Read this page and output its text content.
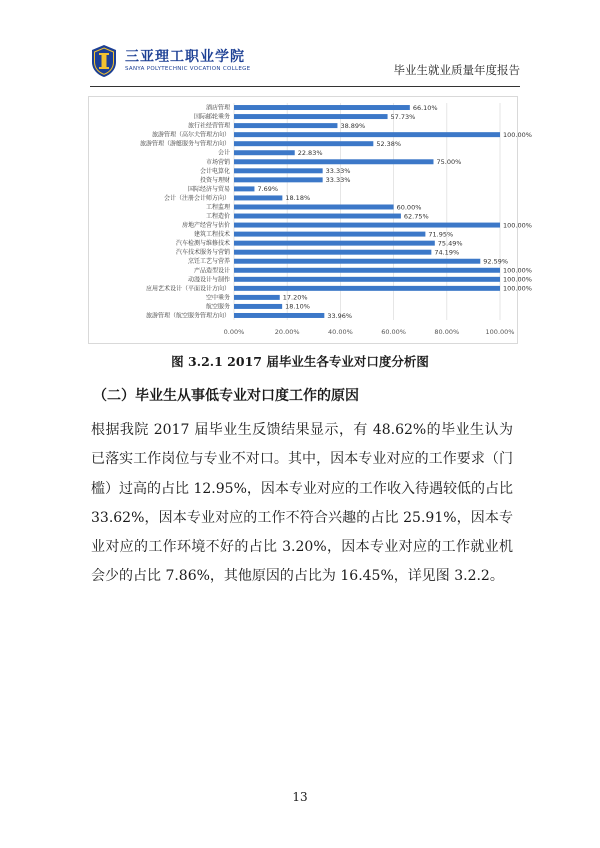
三亚理工职业学院
SANYA POLYTECHNIC VOCATION COLLEGE	毕业生就业质量年度报告
0.00%	20.00%	40.00%	60.00%	80.00%	100.00%
酒店管理	66.10%
国际邮轮乘务	57.73%
旅行社经营管理	38.89%
旅游管理（高尔夫管理方向）	100.00%
旅游管理（游艇服务与管理方向）	52.38%
会计	22.83%
市场营销	75.00%
会计电算化	33.33%
投资与理财	33.33%
国际经济与贸易	7.69%
会计（注册会计师方向）	18.18%
工程监理	60.00%
工程造价	62.75%
房地产经营与估价	100.00%
建筑工程技术	71.95%
汽车检测与维修技术	75.49%
汽车技术服务与营销	74.19%
烹饪工艺与营养	92.59%
产品造型设计	100.00%
动漫设计与制作	100.00%
应用艺术设计（平面设计方向）	100.00%
空中乘务	17.20%
航空服务	18.10%
旅游管理（航空服务管理方向）	33.96%
图 3.2.1 2017 届毕业生各专业对口度分析图
（二）毕业生从事低专业对口度工作的原因

根据我院 2017 届毕业生反馈结果显示，有 48.62%的毕业生认为已落实工作岗位与专业不对口。其中，因本专业对应的工作要求（门槛）过高的占比 12.95%，因本专业对应的工作收入待遇较低的占比 33.62%，因本专业对应的工作不符合兴趣的占比 25.91%，因本专业对应的工作环境不好的占比 3.20%，因本专业对应的工作就业机会少的占比 7.86%，其他原因的占比为 16.45%，详见图 3.2.2。

13
